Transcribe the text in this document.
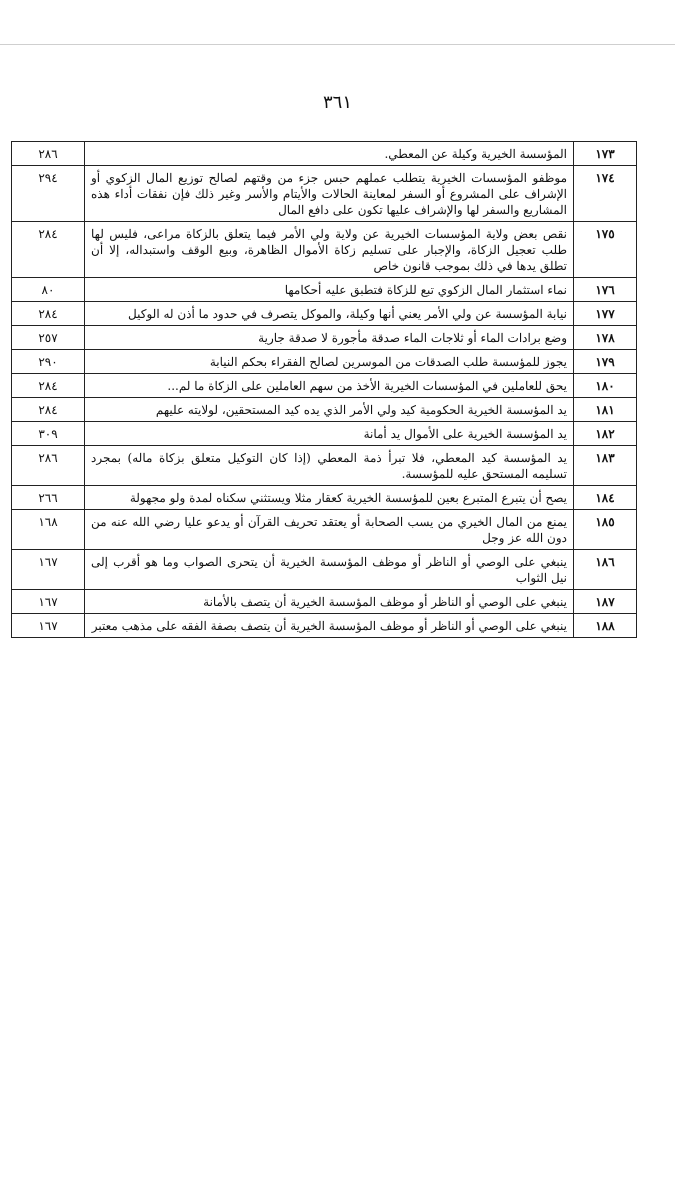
٣٦١
١٧٣	المؤسسة الخيرية وكيلة عن المعطي.	٢٨٦
١٧٤	موظفو المؤسسات الخيرية يتطلب عملهم حبس جزء من وقتهم لصالح توزيع المال الزكوي أو الإشراف على المشروع أو السفر لمعاينة الحالات والأيتام والأسر وغير ذلك فإن نفقات أداء هذه المشاريع والسفر لها والإشراف عليها تكون على دافع المال	٢٩٤
١٧٥	نقص بعض ولاية المؤسسات الخيرية عن ولاية ولي الأمر فيما يتعلق بالزكاة مراعى، فليس لها طلب تعجيل الزكاة، والإجبار على تسليم زكاة الأموال الظاهرة، وبيع الوقف واستبداله، إلا أن تطلق يدها في ذلك بموجب قانون خاص	٢٨٤
١٧٦	نماء استثمار المال الزكوي تبع للزكاة فتطبق عليه أحكامها	٨٠
١٧٧	نيابة المؤسسة عن ولي الأمر يعني أنها وكيلة، والموكل يتصرف في حدود ما أذن له الوكيل	٢٨٤
١٧٨	وضع برادات الماء أو ثلاجات الماء صدقة مأجورة لا صدقة جارية	٢٥٧
١٧٩	يجوز للمؤسسة طلب الصدقات من الموسرين لصالح الفقراء بحكم النيابة	٢٩٠
١٨٠	يحق للعاملين في المؤسسات الخيرية الأخذ من سهم العاملين على الزكاة ما لم...	٢٨٤
١٨١	يد المؤسسة الخيرية الحكومية كيد ولي الأمر الذي يده كيد المستحقين، لولايته عليهم	٢٨٤
١٨٢	يد المؤسسة الخيرية على الأموال يد أمانة	٣٠٩
١٨٣	يد المؤسسة كيد المعطي، فلا تبرأ ذمة المعطي (إذا كان التوكيل متعلق بزكاة ماله) بمجرد تسليمه المستحق عليه للمؤسسة.	٢٨٦
١٨٤	يصح أن يتبرع المتبرع بعين للمؤسسة الخيرية كعقار مثلا ويستثني سكناه لمدة ولو مجهولة	٢٦٦
١٨٥	يمنع من المال الخيري من يسب الصحابة أو يعتقد تحريف القرآن أو يدعو عليا رضي الله عنه من دون الله عز وجل	١٦٨
١٨٦	ينبغي على الوصي أو الناظر أو موظف المؤسسة الخيرية أن يتحرى الصواب وما هو أقرب إلى نيل الثواب	١٦٧
١٨٧	ينبغي على الوصي أو الناظر أو موظف المؤسسة الخيرية أن يتصف بالأمانة	١٦٧
١٨٨	ينبغي على الوصي أو الناظر أو موظف المؤسسة الخيرية أن يتصف بصفة الفقه على مذهب معتبر	١٦٧
